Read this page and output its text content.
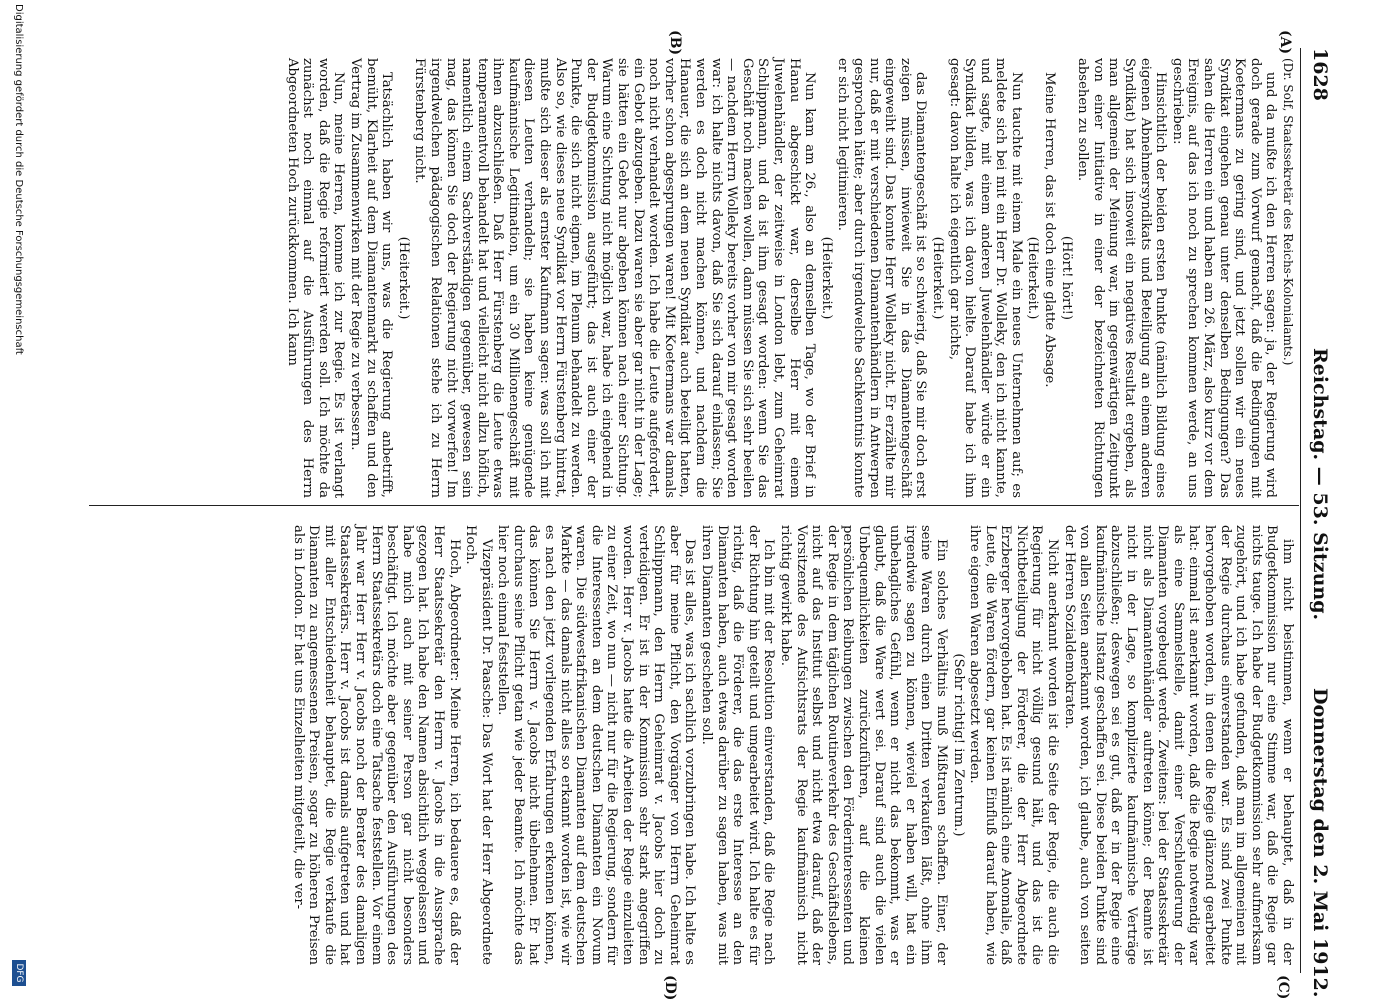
1628
Reichstag. — 53. Sitzung.
Donnerstag den 2. Mai 1912.
(A)
(B)
(C)
(D)

(Dr. Solf, Staatssekretär des Reichs-Kolonialamts.)

und da mußte ich den Herren sagen: ja, der Regierung wird doch gerade zum Vorwurf gemacht, daß die Bedingungen mit Koetermans zu gering sind, und jetzt sollen wir ein neues Syndikat eingehen genau unter denselben Bedingungen? Das sahen die Herren ein und haben am 26. März, also kurz vor dem Ereignis, auf das ich noch zu sprechen kommen werde, an uns geschrieben:

Hinsichtlich der beiden ersten Punkte (nämlich Bildung eines eigenen Abnehmersyndikats und Beteiligung an einem anderen Syndikat) hat sich insoweit ein negatives Resultat ergeben, als man allgemein der Meinung war, im gegenwärtigen Zeitpunkt von einer Initiative in einer der bezeichneten Richtungen absehen zu sollen.

(Hört! hört!)

Meine Herren, das ist doch eine glatte Absage.

(Heiterkeit.)

Nun tauchte mit einem Male ein neues Unternehmen auf; es meldete sich bei mit ein Herr Dr. Wolleky, den ich nicht kannte, und sagte, mit einem anderen Juwelenhändler würde er ein Syndikat bilden, was ich davon hielte. Darauf habe ich ihm gesagt: davon halte ich eigentlich gar nichts,

(Heiterkeit.)

das Diamantengeschäft ist so schwierig, daß Sie mir doch erst zeigen müssen, inwieweit Sie in das Diamantengeschäft eingeweiht sind. Das konnte Herr Wolleky nicht. Er erzählte mir nur, daß er mit verschiedenen Diamantenhändlern in Antwerpen gesprochen hätte; aber durch irgendwelche Sachkenntnis konnte er sich nicht legitimieren.

(Heiterkeit.)

Nun kam am 26., also an demselben Tage, wo der Brief in Hanau abgeschickt war, derselbe Herr mit einem Juwelenhändler, der zeitweise in London lebt, zum Geheimrat Schlippmann, und da ist ihm gesagt worden: wenn Sie das Geschäft noch machen wollen, dann müssen Sie sich sehr beeilen — nachdem Herrn Wolleky bereits vorher von mir gesagt worden war: ich halte nichts davon, daß Sie sich darauf einlassen; Sie werden es doch nicht machen können, und nachdem die Hanauer, die sich an dem neuen Syndikat auch beteiligt hatten, vorher schon abgesprungen waren! Mit Koetermans war damals noch nicht verhandelt worden. Ich habe die Leute aufgefordert, ein Gebot abzugeben. Dazu waren sie aber gar nicht in der Lage; sie hätten ein Gebot nur abgeben können nach einer Sichtung. Warum eine Sichtung nicht möglich war, habe ich eingehend in der Budgetkommission ausgeführt; das ist auch einer der Punkte, die sich nicht eignen, im Plenum behandelt zu werden. Also so, wie dieses neue Syndikat vor Herrn Fürstenberg hintrat, mußte sich dieser als ernster Kaufmann sagen: was soll ich mit diesen Leuten verhandeln; sie haben keine genügende kaufmännische Legitimation, um ein 30 Millionengeschäft mit ihnen abzuschließen. Daß Herr Fürstenberg die Leute etwas temperamentvoll behandelt hat und vielleicht nicht allzu höflich, namentlich einem Sachverständigen gegenüber, gewesen sein mag, das können Sie doch der Regierung nicht vorwerfen! Im irgendwelchen pädagogischen Relationen stehe ich zu Herrn Fürstenberg nicht.

(Heiterkeit.)

Tatsächlich haben wir uns, was die Regierung anbetrifft, bemüht, Klarheit auf dem Diamantenmarkt zu schaffen und den Vertrag im Zusammenwirken mit der Regie zu verbessern.

Nun, meine Herren, komme ich zur Regie. Es ist verlangt worden, daß die Regie reformiert werden soll. Ich möchte da zunächst noch einmal auf die Ausführungen des Herrn Abgeordneten Hoch zurückkommen. Ich kann

ihm nicht beistimmen, wenn er behauptet, daß in der Budgetkommission nur eine Stimme war, daß die Regie gar nichts tauge. Ich habe der Budgetkommission sehr aufmerksam zugehört, und ich habe gefunden, daß man im allgemeinen mit der Regie durchaus einverstanden war. Es sind zwei Punkte hervorgehoben worden, in denen die Regie glänzend gearbeitet hat: einmal ist anerkannt worden, daß die Regie notwendig war als eine Sammelstelle, damit einer Verschleuderung der Diamanten vorgebeugt werde. Zweitens: bei der Staatssekretär nicht als Diamantenhändler auftreten könne; der Beamte ist nicht in der Lage, so komplizierte kaufmännische Verträge abzuschließen; deswegen sei es gut, daß er in der Regie eine kaufmännische Instanz geschaffen sei. Diese beiden Punkte sind von allen Seiten anerkannt worden, ich glaube, auch von seiten der Herren Sozialdemokraten.

Nicht anerkannt worden ist die Seite der Regie, die auch die Regierung für nicht völlig gesund hält, und das ist die Nichtbeteiligung der Förderer, die der Herr Abgeordnete Erzberger hervorgehoben hat. Es ist nämlich eine Anomalie, daß Leute, die Waren fördern, gar keinen Einfluß darauf haben, wie ihre eigenen Waren abgesetzt werden.

(Sehr richtig! im Zentrum.)

Ein solches Verhältnis muß Mißtrauen schaffen. Einer, der seine Waren durch einen Dritten verkaufen läßt, ohne ihm irgendwie sagen zu können, wieviel er haben will, hat ein unbehagliches Gefühl, wenn er nicht das bekommt, was er glaubt, daß die Ware wert sei. Darauf sind auch die vielen Unbequemlichkeiten zurückzuführen, auf die kleinen persönlichen Reibungen zwischen den Förderinteressenten und der Regie in dem täglichen Routineverkehr des Geschäftslebens, nicht auf das Institut selbst und nicht etwa darauf, daß der Vorsitzende des Aufsichtsrats der Regie kaufmännisch nicht richtig gewirkt habe.

Ich bin mit der Resolution einverstanden, daß die Regie nach der Richtung hin geteilt und umgearbeitet wird. Ich halte es für richtig, daß die Förderer, die das erste Interesse an den Diamanten haben, auch etwas darüber zu sagen haben, was mit ihren Diamanten geschehen soll.

Das ist alles, was ich sachlich vorzubringen habe. Ich halte es aber für meine Pflicht, den Vorgänger von Herrn Geheimrat Schlippmann, den Herrn Geheimrat v. Jacobs hier doch zu verteidigen. Er ist in der Kommission sehr stark angegriffen worden. Herr v. Jacobs hatte die Arbeiten der Regie einzuleiten zu einer Zeit, wo nun — nicht nur für die Regierung, sondern für die Interessenten an dem deutschen Diamanten ein Novum waren. Die südwestafrikanischen Diamanten auf dem deutschen Markte — das damals nicht alles so erkannt worden ist, wie wir es nach den jetzt vorliegenden Erfahrungen erkennen können, das können Sie Herrn v. Jacobs nicht übelnehmen. Er hat durchaus seine Pflicht getan wie jeder Beamte. Ich möchte das hier noch einmal feststellen.

Vizepräsident Dr. Paasche: Das Wort hat der Herr Abgeordnete Hoch.

Hoch, Abgeordneter: Meine Herren, ich bedauere es, daß der Herr Staatssekretär den Herrn v. Jacobs in die Aussprache gezogen hat. Ich habe den Namen absichtlich weggelassen und habe mich auch mit seiner Person gar nicht besonders beschäftigt. Ich möchte aber gegenüber den Ausführungen des Herrn Staatssekretärs doch eine Tatsache feststellen. Vor einem Jahr war Herr Herr v. Jacobs noch der Berater des damaligen Staatssekretärs. Herr v. Jacobs ist damals aufgetreten und hat mit aller Entschiedenheit behauptet, die Regie verkaufe die Diamanten zu angemessenen Preisen, sogar zu höheren Preisen als in London. Er hat uns Einzelheiten mitgeteilt, die ver-

Digitalisierung gefördert durch die Deutsche Forschungsgemeinschaft
DFG
